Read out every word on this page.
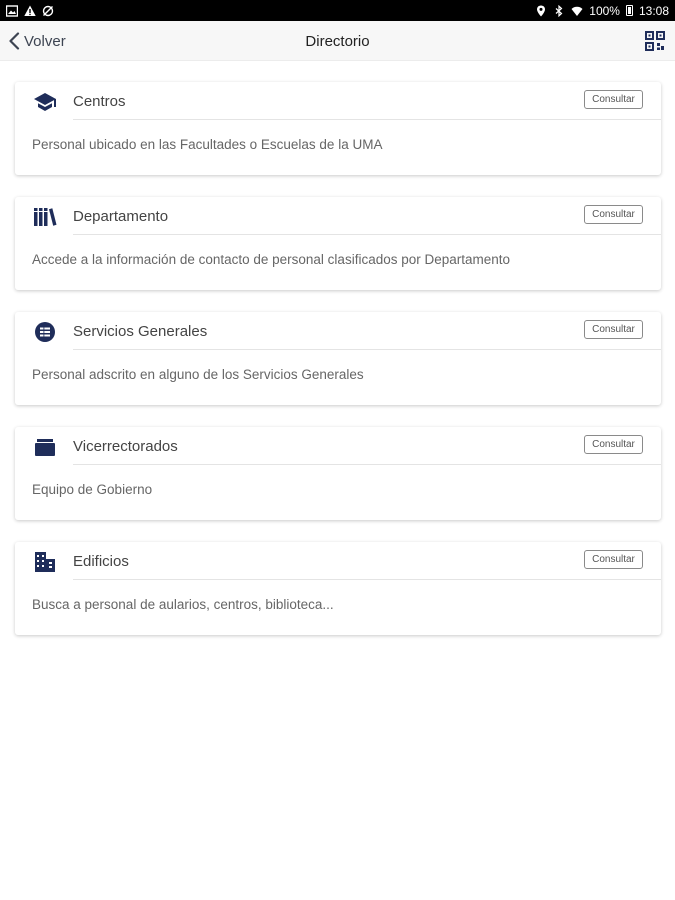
100% 13:08
Volver	Directorio
Centros	Consultar
Personal ubicado en las Facultades o Escuelas de la UMA
Departamento	Consultar
Accede a la información de contacto de personal clasificados por Departamento
Servicios Generales	Consultar
Personal adscrito en alguno de los Servicios Generales
Vicerrectorados	Consultar
Equipo de Gobierno
Edificios	Consultar
Busca a personal de aularios, centros, biblioteca...
